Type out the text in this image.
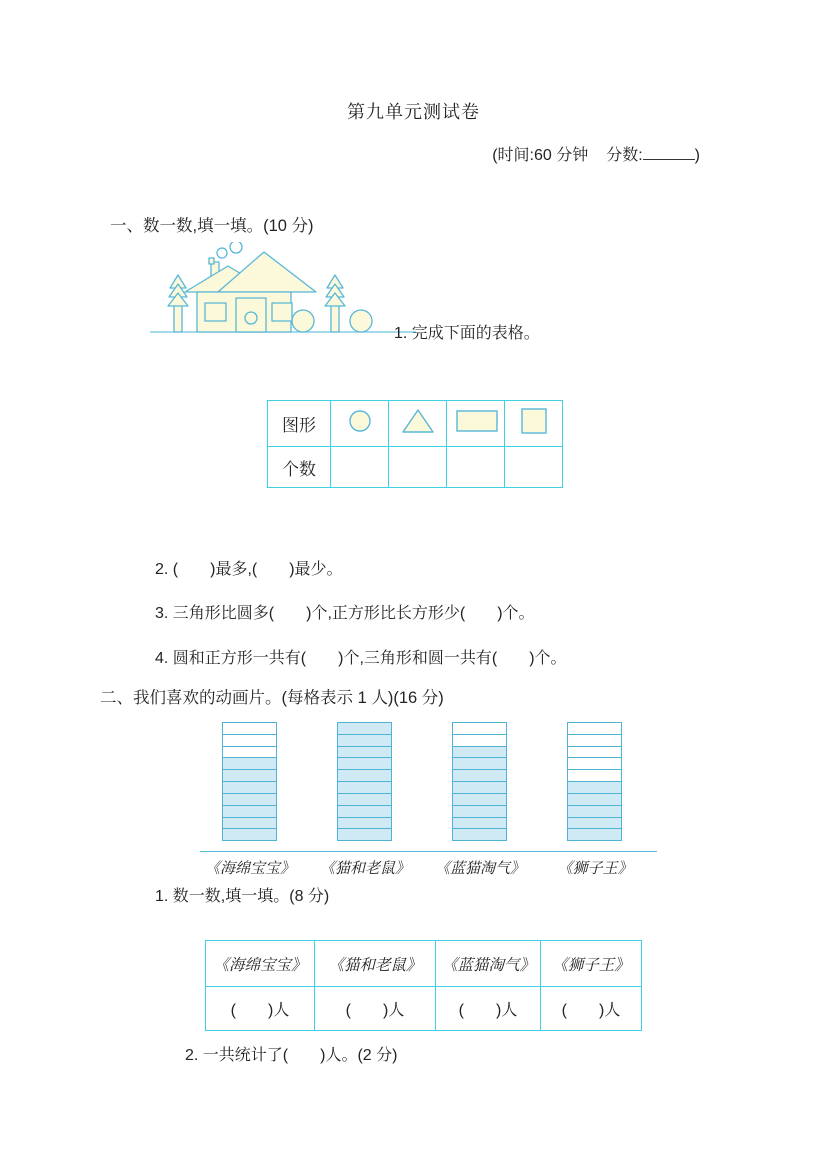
第九单元测试卷
(时间:60 分钟 分数:	)
一、数一数,填一填。(10 分)
1. 完成下面的表格。
图形				
个数				
2. (　　)最多,(　　)最少。
3. 三角形比圆多(　　)个,正方形比长方形少(　　)个。
4. 圆和正方形一共有(　　)个,三角形和圆一共有(　　)个。
二、我们喜欢的动画片。(每格表示 1 人)(16 分)
《海绵宝宝》	《猫和老鼠》	《蓝猫淘气》	《狮子王》
1. 数一数,填一填。(8 分)
《海绵宝宝》	《猫和老鼠》	《蓝猫淘气》	《狮子王》
(　　)人	(　　)人	(　　)人	(　　)人
2. 一共统计了(　　)人。(2 分)
